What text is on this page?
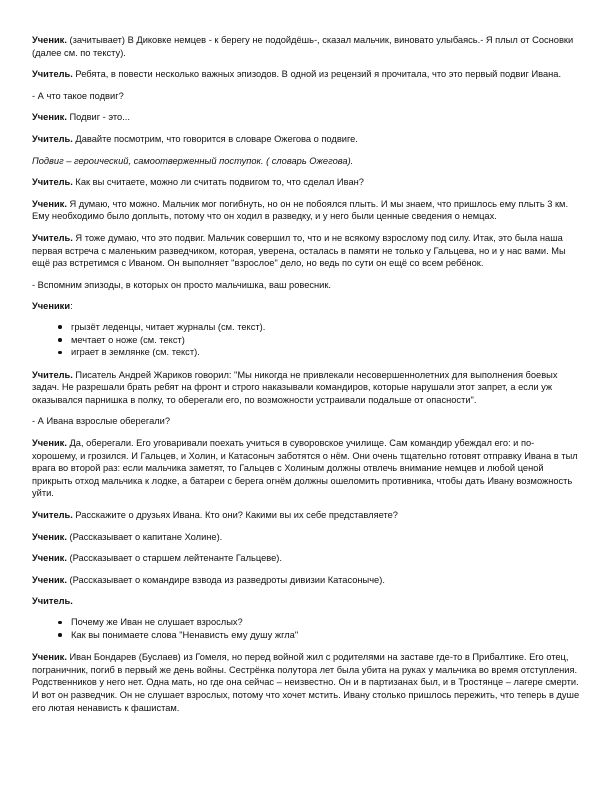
Ученик. (зачитывает) В Диковке немцев - к берегу не подойдёшь-, сказал мальчик, виновато улыбаясь.- Я плыл от Сосновки (далее см. по тексту).

Учитель. Ребята, в повести несколько важных эпизодов. В одной из рецензий я прочитала, что это первый подвиг Ивана.

- А что такое подвиг?

Ученик. Подвиг - это...

Учитель. Давайте посмотрим, что говорится в словаре Ожегова о подвиге.

Подвиг – героический, самоотверженный поступок. ( словарь Ожегова).

Учитель. Как вы считаете, можно ли считать подвигом то, что сделал Иван?

Ученик. Я думаю, что можно. Мальчик мог погибнуть, но он не побоялся плыть. И мы знаем, что пришлось ему плыть 3 км. Ему необходимо было доплыть, потому что он ходил в разведку, и у него были ценные сведения о немцах.

Учитель. Я тоже думаю, что это подвиг. Мальчик совершил то, что и не всякому взрослому под силу. Итак, это была наша первая встреча с маленьким разведчиком, которая, уверена, осталась в памяти не только у Гальцева, но и у нас вами. Мы ещё раз встретимся с Иваном. Он выполняет "взрослое" дело, но ведь по сути он ещё со всем ребёнок.

- Вспомним эпизоды, в которых он просто мальчишка, ваш ровесник.

Ученики:

грызёт леденцы, читает журналы (см. текст).
мечтает о ноже (см. текст)
играет в землянке (см. текст).

Учитель. Писатель Андрей Жариков говорил: "Мы никогда не привлекали несовершеннолетних для выполнения боевых задач. Не разрешали брать ребят на фронт и строго наказывали командиров, которые нарушали этот запрет, а если уж оказывался парнишка в полку, то оберегали его, по возможности устраивали подальше от опасности".

- А Ивана взрослые оберегали?

Ученик. Да, оберегали. Его уговаривали поехать учиться в суворовское училище. Сам командир убеждал его: и по- хорошему, и грозился. И Гальцев, и Холин, и Катасоныч заботятся о нём. Они очень тщательно готовят отправку Ивана в тыл врага во второй раз: если мальчика заметят, то Гальцев с Холиным должны отвлечь внимание немцев и любой ценой прикрыть отход мальчика к лодке, а батареи с берега огнём должны ошеломить противника, чтобы дать Ивану возможность уйти.

Учитель. Расскажите о друзьях Ивана. Кто они? Какими вы их себе представляете?

Ученик. (Рассказывает о капитане Холине).

Ученик. (Рассказывает о старшем лейтенанте Гальцеве).

Ученик. (Рассказывает о командире взвода из разведроты дивизии Катасоныче).

Учитель.

Почему же Иван не слушает взрослых?
Как вы понимаете слова "Ненависть ему душу жгла"

Ученик. Иван Бондарев (Буслаев) из Гомеля, но перед войной жил с родителями на заставе где-то в Прибалтике. Его отец, пограничник, погиб в первый же день войны. Сестрёнка полутора лет была убита на руках у мальчика во время отступления. Родственников у него нет. Одна мать, но где она сейчас – неизвестно. Он и в партизанах был, и в Тростянце – лагере смерти. И вот он разведчик. Он не слушает взрослых, потому что хочет мстить. Ивану столько пришлось пережить, что теперь в душе его лютая ненависть к фашистам.
